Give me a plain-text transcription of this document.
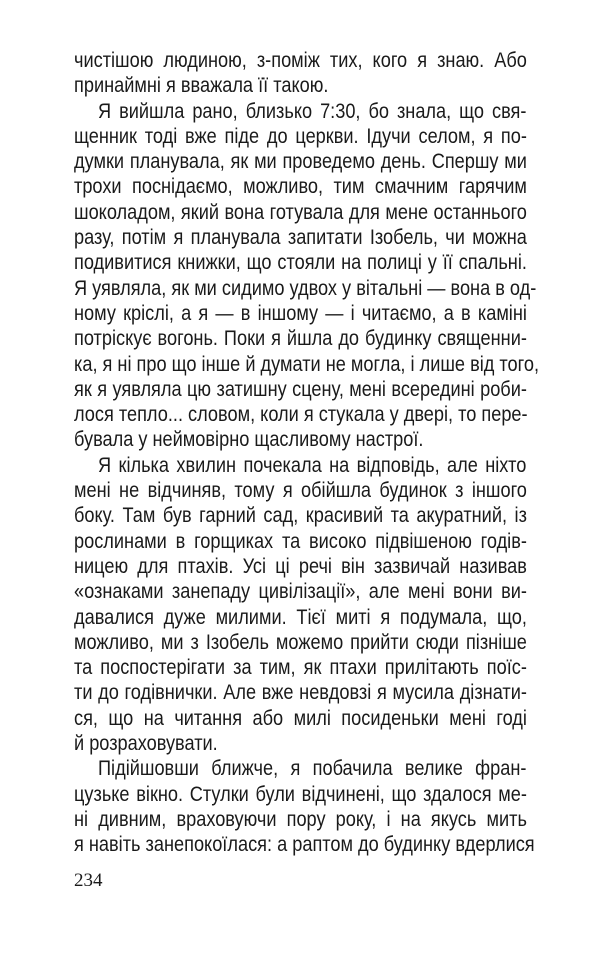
чистішою людиною, з-поміж тих, кого я знаю. Або
принаймні я вважала її такою.
Я вийшла рано, близько 7:30, бо знала, що свя-
щенник тоді вже піде до церкви. Ідучи селом, я по-
думки планувала, як ми проведемо день. Спершу ми
трохи поснідаємо, можливо, тим смачним гарячим
шоколадом, який вона готувала для мене останнього
разу, потім я планувала запитати Ізобель, чи можна
подивитися книжки, що стояли на полиці у її спальні.
Я уявляла, як ми сидимо удвох у вітальні — вона в од-
ному кріслі, а я — в іншому — і читаємо, а в каміні
потріскує вогонь. Поки я йшла до будинку священни-
ка, я ні про що інше й думати не могла, і лише від того,
як я уявляла цю затишну сцену, мені всередині роби-
лося тепло... словом, коли я стукала у двері, то пере-
бувала у неймовірно щасливому настрої.
Я кілька хвилин почекала на відповідь, але ніхто
мені не відчиняв, тому я обійшла будинок з іншого
боку. Там був гарний сад, красивий та акуратний, із
рослинами в горщиках та високо підвішеною годів-
ницею для птахів. Усі ці речі він зазвичай називав
«ознаками занепаду цивілізації», але мені вони ви-
давалися дуже милими. Тієї миті я подумала, що,
можливо, ми з Ізобель можемо прийти сюди пізніше
та поспостерігати за тим, як птахи прилітають поїс-
ти до годівнички. Але вже невдовзі я мусила дізнати-
ся, що на читання або милі посиденьки мені годі
й розраховувати.
Підійшовши ближче, я побачила велике фран-
цузьке вікно. Стулки були відчинені, що здалося ме-
ні дивним, враховуючи пору року, і на якусь мить
я навіть занепокоїлася: а раптом до будинку вдерлися
234
